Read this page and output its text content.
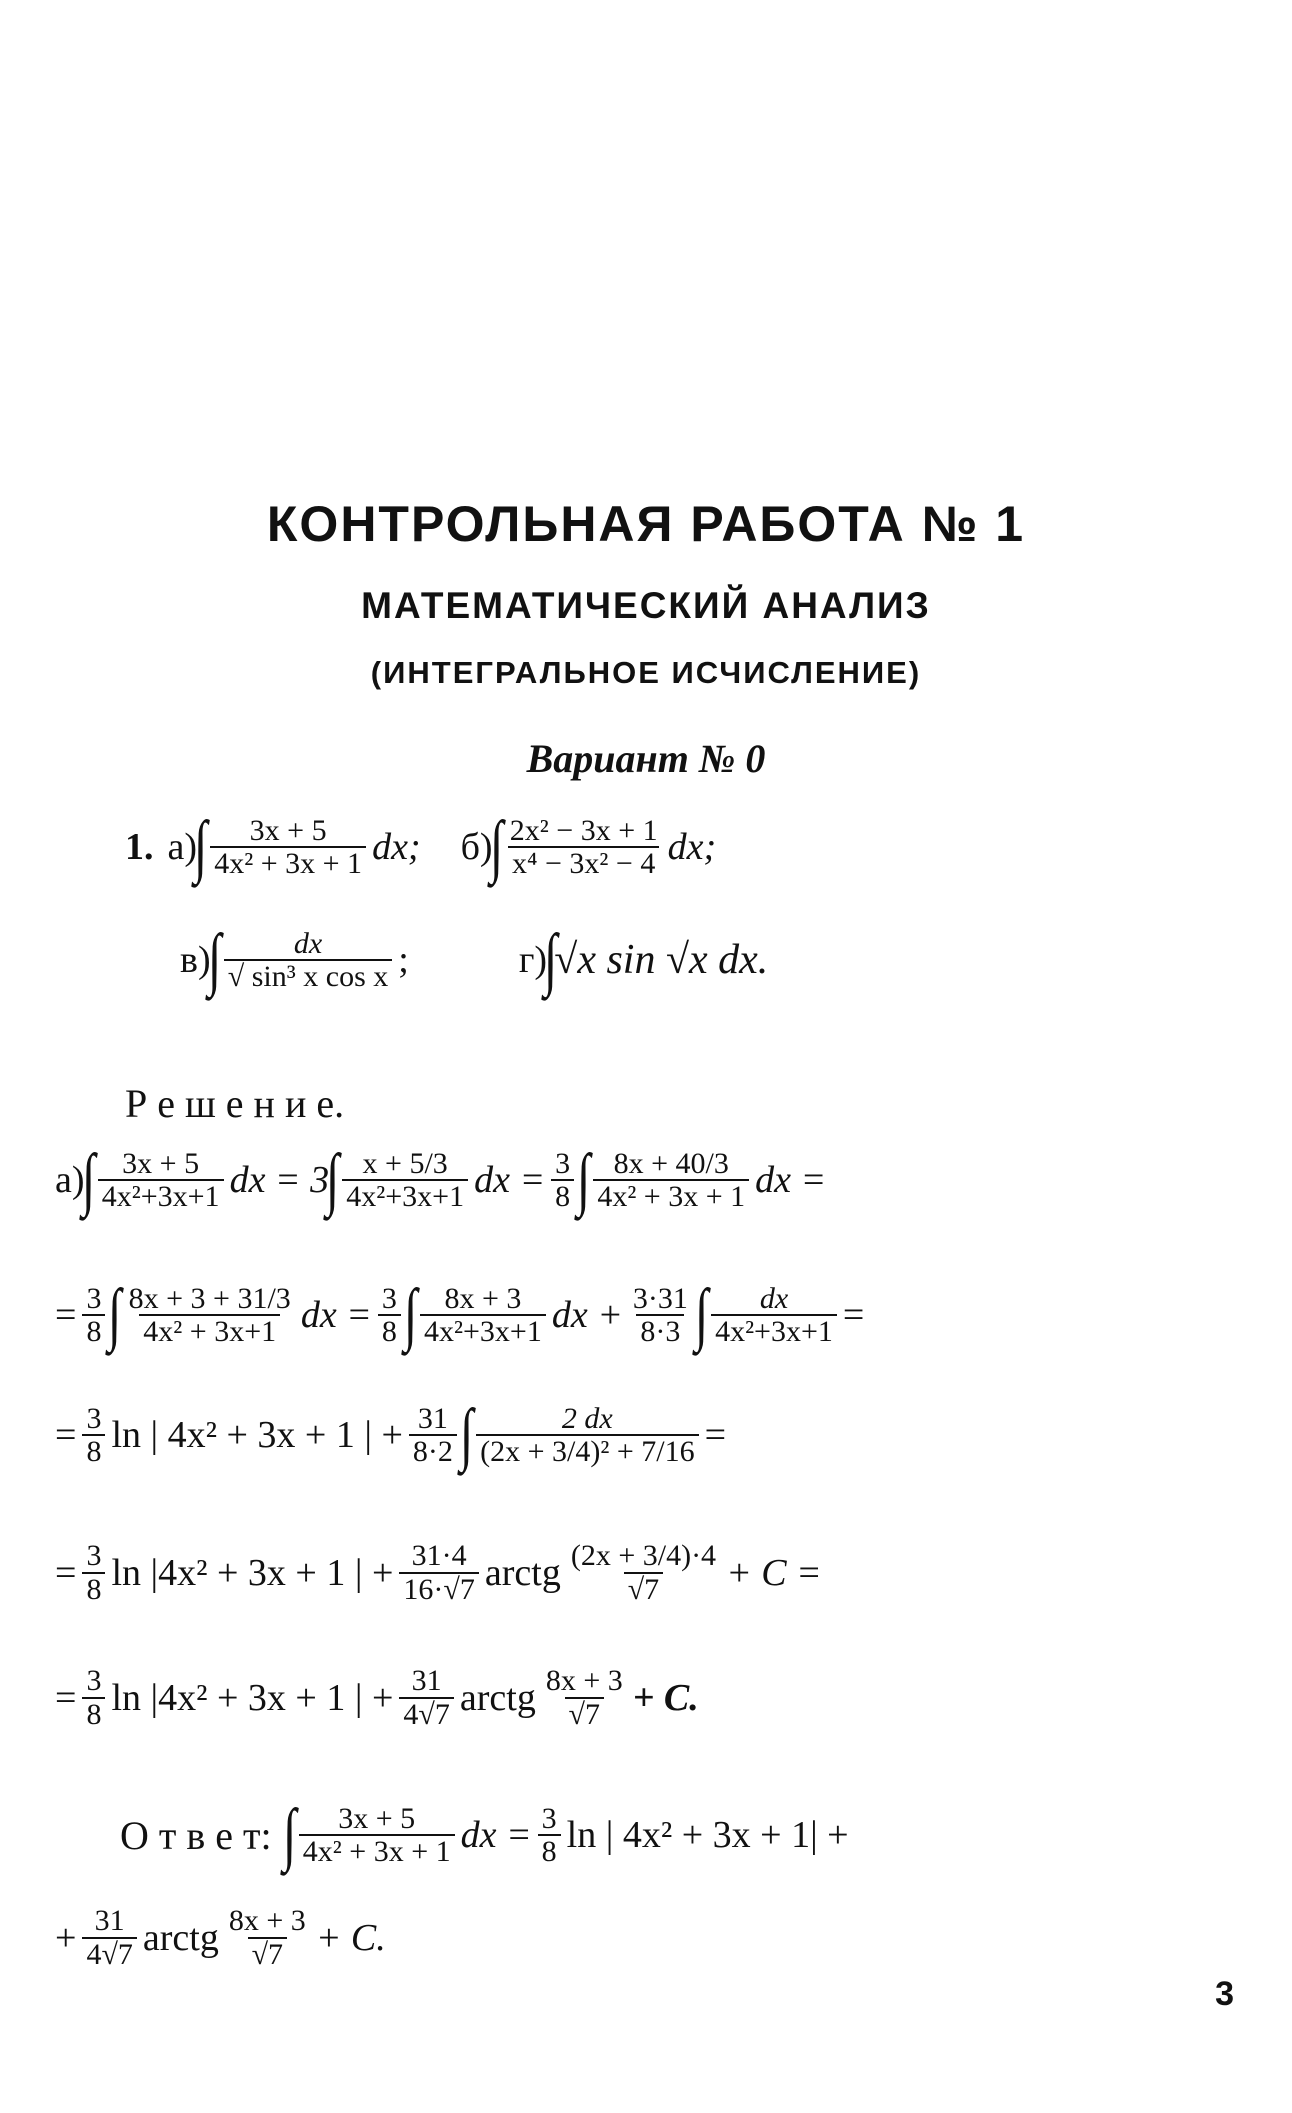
КОНТРОЛЬНАЯ РАБОТА № 1
МАТЕМАТИЧЕСКИЙ АНАЛИЗ
(ИНТЕГРАЛЬНОЕ ИСЧИСЛЕНИЕ)
Вариант № 0
1. а)
∫ $\frac{3x + 5}{\text{4x² + 3x + 1}}$ dx; б)
∫ $\frac{\text{2x² − 3x + 1}}{\text{x⁴ − 3x² − 4}}$ dx;
в)
∫ $\frac{dx}{\text{√ sin³ x cos x}}$ ;	г)
∫
√x sin √x dx.
Р е ш е н и е.
а)
∫ $\frac{3x + 5}{\text{4x²+3x+1}}$ dx = 3
∫ $\frac{x + 5/3}{\text{4x²+3x+1}}$ dx = $\frac{3}{8}$ ∫ $\frac{8x + 40/3}{\text{4x² + 3x + 1}}$ dx =
= $\frac{3}{8}$ ∫ $\frac{8x + 3 + 31/3}{\text{4x² + 3x+1}}$ dx = $\frac{3}{8}$ ∫ $\frac{8x + 3}{\text{4x²+3x+1}}$ dx + $\frac{3\cdot 31}{8\cdot 3}$ ∫ $\frac{dx}{\text{4x²+3x+1}}$ =
= $\frac{3}{8}$ ln | 4x² + 3x + 1 | + $\frac{31}{8\cdot 2}$ ∫ $\frac{2 dx}{\text{(2x + 3/4)² + 7/16}}$ =
= $\frac{3}{8}$ ln |4x² + 3x + 1 | + $\frac{31\cdot 4}{16\cdot√7}$ arctg $\frac{(2x + 3/4)\cdot 4}{√7} + C$ =
= $\frac{3}{8}$ ln |4x² + 3x + 1 | + $\frac{31}{4√7}$ arctg $\frac{8x + 3}{√7} + C$.
О т в е т: ∫ $\frac{3x + 5}{\text{4x² + 3x + 1}}$ dx = $\frac{3}{8}$ ln | 4x² + 3x + 1| +
+ $\frac{31}{4√7}$ arctg $\frac{8x + 3}{√7} + C$.
3
